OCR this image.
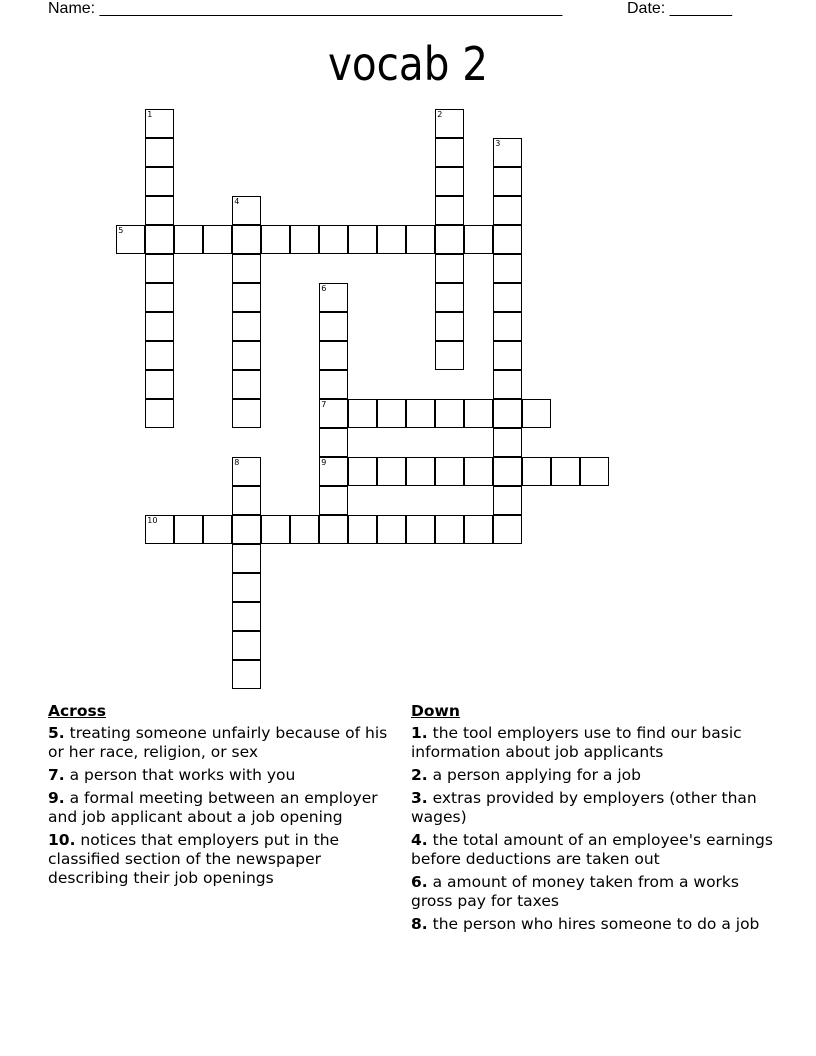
Name: ____________________________________________________	Date: _______
vocab 2
1	2
3
4
5
6
7
9
8
10
Across
5. treating someone unfairly because of his or her race, religion, or sex
7. a person that works with you
9. a formal meeting between an employer and job applicant about a job opening
10. notices that employers put in the classified section of the newspaper describing their job openings
Down
1. the tool employers use to find our basic information about job applicants
2. a person applying for a job
3. extras provided by employers (other than wages)
4. the total amount of an employee's earnings before deductions are taken out
6. a amount of money taken from a works gross pay for taxes
8. the person who hires someone to do a job
